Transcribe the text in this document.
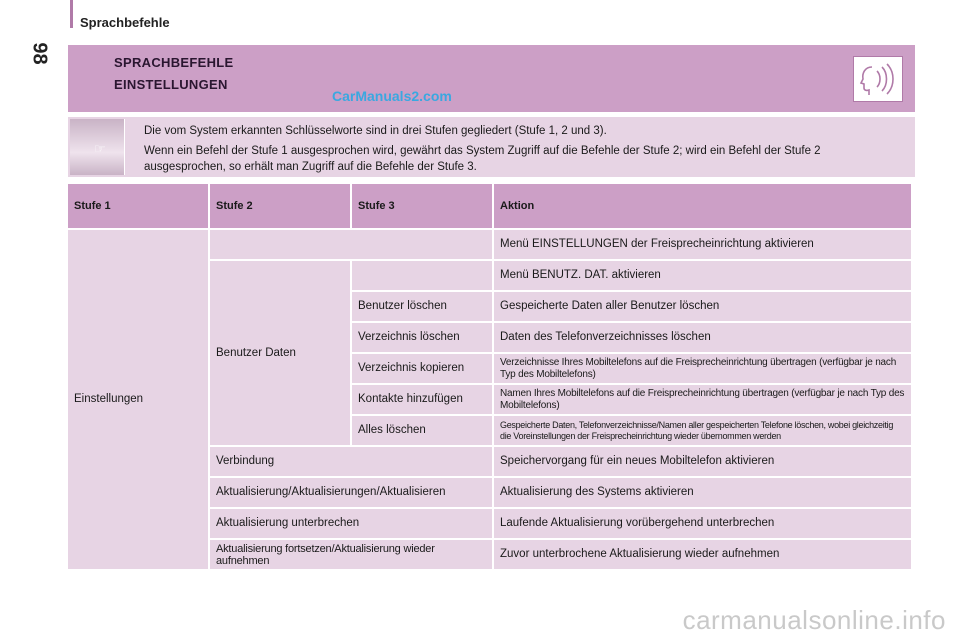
Sprachbefehle
98	SPRACHBEFEHLE
EINSTELLUNGEN
CarManuals2.com
☞

Die vom System erkannten Schlüsselworte sind in drei Stufen gegliedert (Stufe 1, 2 und 3).

Wenn ein Befehl der Stufe 1 ausgesprochen wird, gewährt das System Zugriff auf die Befehle der Stufe 2; wird ein Befehl der Stufe 2 ausgesprochen, so erhält man Zugriff auf die Befehle der Stufe 3.

Stufe 1	Stufe 2	Stufe 3	Aktion
Einstellungen			Menü EINSTELLUNGEN der Freisprecheinrichtung aktivieren
	Benutzer Daten		Menü BENUTZ. DAT. aktivieren
		Benutzer löschen	Gespeicherte Daten aller Benutzer löschen
		Verzeichnis löschen	Daten des Telefonverzeichnisses löschen
		Verzeichnis kopieren	Verzeichnisse Ihres Mobiltelefons auf die Freisprecheinrichtung übertragen (verfügbar je nach Typ des Mobiltelefons)
		Kontakte hinzufügen	Namen Ihres Mobiltelefons auf die Freisprecheinrichtung übertragen (verfügbar je nach Typ des Mobiltelefons)
		Alles löschen	Gespeicherte Daten, Telefonverzeichnisse/Namen aller gespeicherten Telefone löschen, wobei gleichzeitig die Voreinstellungen der Freisprecheinrichtung wieder übernommen werden
	Verbindung		Speichervorgang für ein neues Mobiltelefon aktivieren
	Aktualisierung/Aktualisierungen/Aktualisieren		Aktualisierung des Systems aktivieren
	Aktualisierung unterbrechen		Laufende Aktualisierung vorübergehend unterbrechen
	Aktualisierung fortsetzen/Aktualisierung wieder aufnehmen		Zuvor unterbrochene Aktualisierung wieder aufnehmen
carmanualsonline.info
